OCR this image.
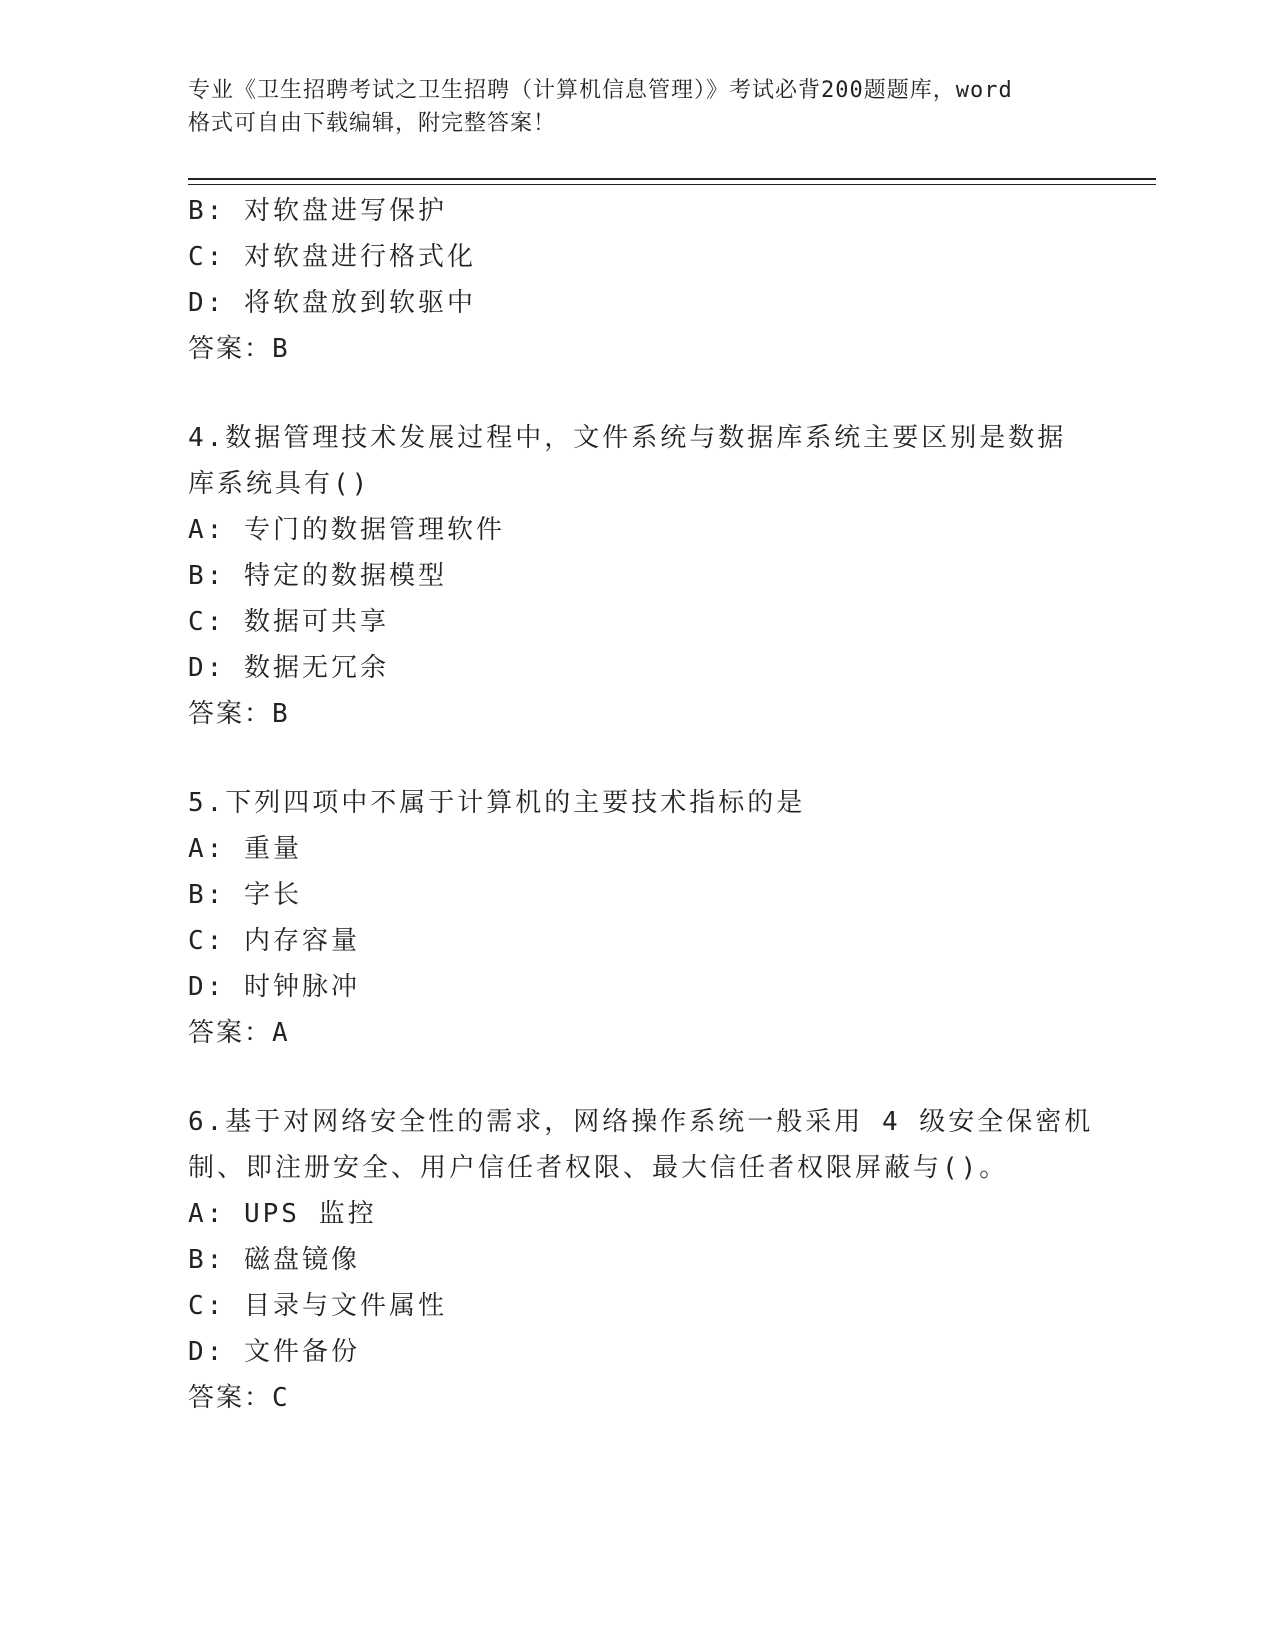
专业《卫生招聘考试之卫生招聘（计算机信息管理）》考试必背200题题库，word
格式可自由下载编辑，附完整答案！
B: 对软盘进写保护
C: 对软盘进行格式化
D: 将软盘放到软驱中
答案：B
4.数据管理技术发展过程中，文件系统与数据库系统主要区别是数据
库系统具有()
A: 专门的数据管理软件
B: 特定的数据模型
C: 数据可共享
D: 数据无冗余
答案：B
5.下列四项中不属于计算机的主要技术指标的是
A: 重量
B: 字长
C: 内存容量
D: 时钟脉冲
答案：A
6.基于对网络安全性的需求，网络操作系统一般采用 4 级安全保密机
制、即注册安全、用户信任者权限、最大信任者权限屏蔽与()。
A: UPS 监控
B: 磁盘镜像
C: 目录与文件属性
D: 文件备份
答案：C
